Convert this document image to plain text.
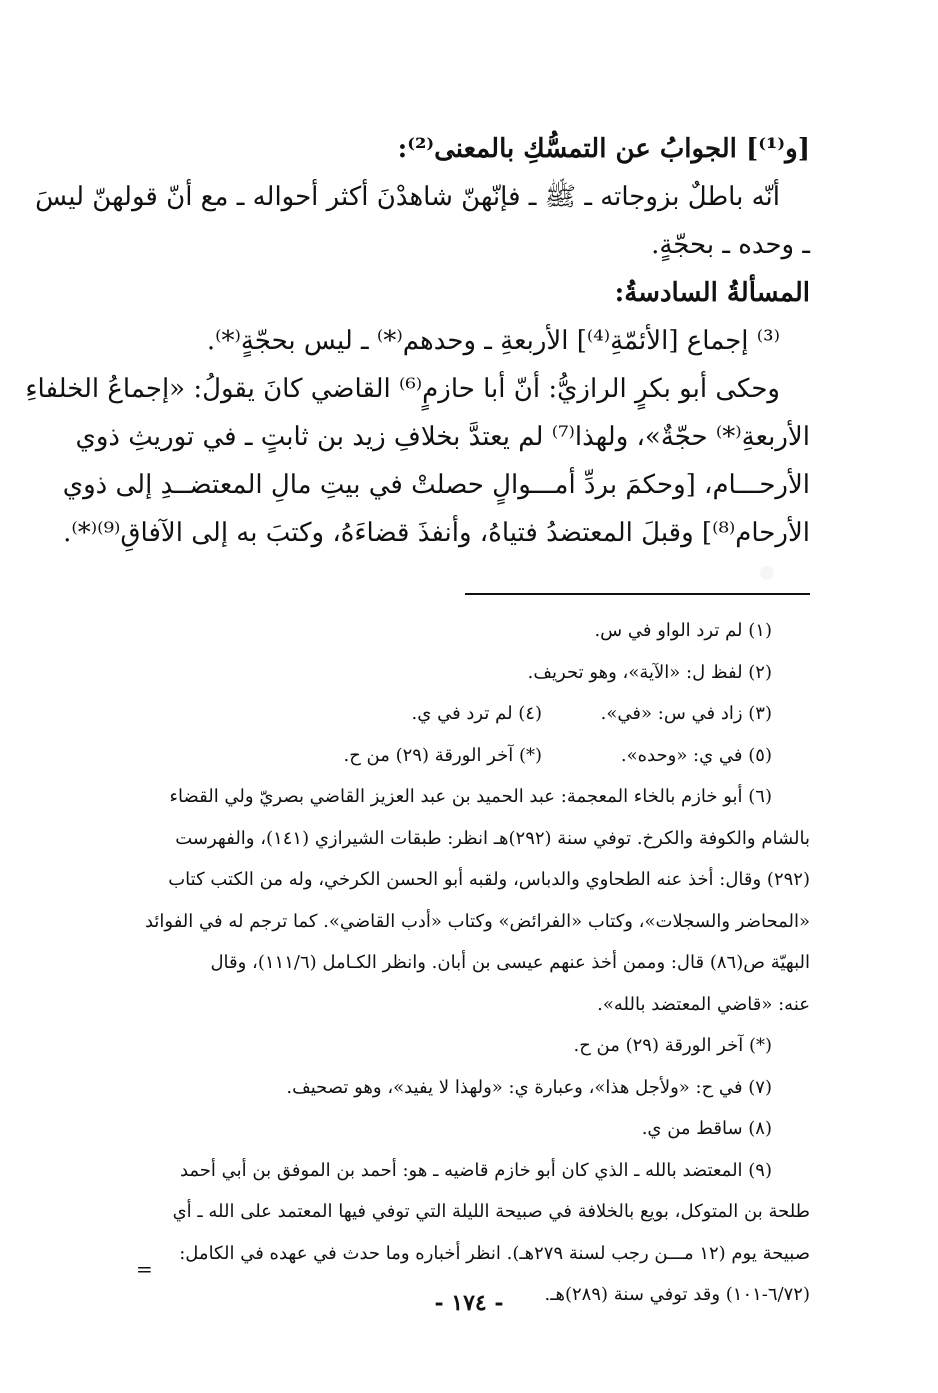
[و⁽¹⁾] الجوابُ عن التمسُّكِ بالمعنى⁽²⁾:

أنّه باطلٌ بزوجاته ـ ﷺ ـ فإنّهنّ شاهدْنَ أكثر أحواله ـ مع أنّ قولهنّ ليسَ

ـ وحده ـ بحجّةٍ.

المسألةُ السادسةُ:

⁽³⁾ إجماع [الأئمّةِ⁽⁴⁾] الأربعةِ ـ وحدهم⁽*⁾ ـ ليس بحجّةٍ⁽*⁾.

وحكى أبو بكرٍ الرازيُّ: أنّ أبا حازمٍ⁽⁶⁾ القاضي كانَ يقولُ: «إجماعُ الخلفاءِ

الأربعةِ⁽*⁾ حجّةٌ»، ولهذا⁽⁷⁾ لم يعتدَّ بخلافِ زيد بن ثابتٍ ـ في توريثِ ذوي

الأرحـــام، [وحكمَ بردِّ أمـــوالٍ حصلتْ في بيتِ مالِ المعتضــدِ إلى ذوي

الأرحام⁽⁸⁾] وقبلَ المعتضدُ فتياهُ، وأنفذَ قضاءَهُ، وكتبَ به إلى الآفاقِ⁽⁹⁾⁽*⁾.

(١) لم ترد الواو في س.

(٢) لفظ ل: «الآية»، وهو تحريف.

(٣) زاد في س: «في».

(٤) لم ترد في ي.

(٥) في ي: «وحده».

(*) آخر الورقة (٢٩) من ح.

(٦) أبو خازم بالخاء المعجمة: عبد الحميد بن عبد العزيز القاضي بصريّ ولي القضاء

بالشام والكوفة والكرخ. توفي سنة (٢٩٢)هـ انظر: طبقات الشيرازي (١٤١)، والفهرست

(٢٩٢) وقال: أخذ عنه الطحاوي والدباس، ولقبه أبو الحسن الكرخي، وله من الكتب كتاب

«المحاضر والسجلات»، وكتاب «الفرائض» وكتاب «أدب القاضي». كما ترجم له في الفوائد

البهيّة ص(٨٦) قال: وممن أخذ عنهم عيسى بن أبان. وانظر الكـامل (١١١/٦)، وقال

عنه: «قاضي المعتضد بالله».

(*) آخر الورقة (٢٩) من ح.

(٧) في ح: «ولأجل هذا»، وعبارة ي: «ولهذا لا يفيد»، وهو تصحيف.

(٨) ساقط من ي.

(٩) المعتضد بالله ـ الذي كان أبو خازم قاضيه ـ هو: أحمد بن الموفق بن أبي أحمد

طلحة بن المتوكل، بويع بالخلافة في صبيحة الليلة التي توفي فيها المعتمد على الله ـ أي

صبيحة يوم (١٢ مـــن رجب لسنة ٢٧٩هـ). انظر أخباره وما حدث في عهده في الكامل:

(٦/٧٢-١٠١) وقد توفي سنة (٢٨٩)هـ.

=
- ١٧٤ -
